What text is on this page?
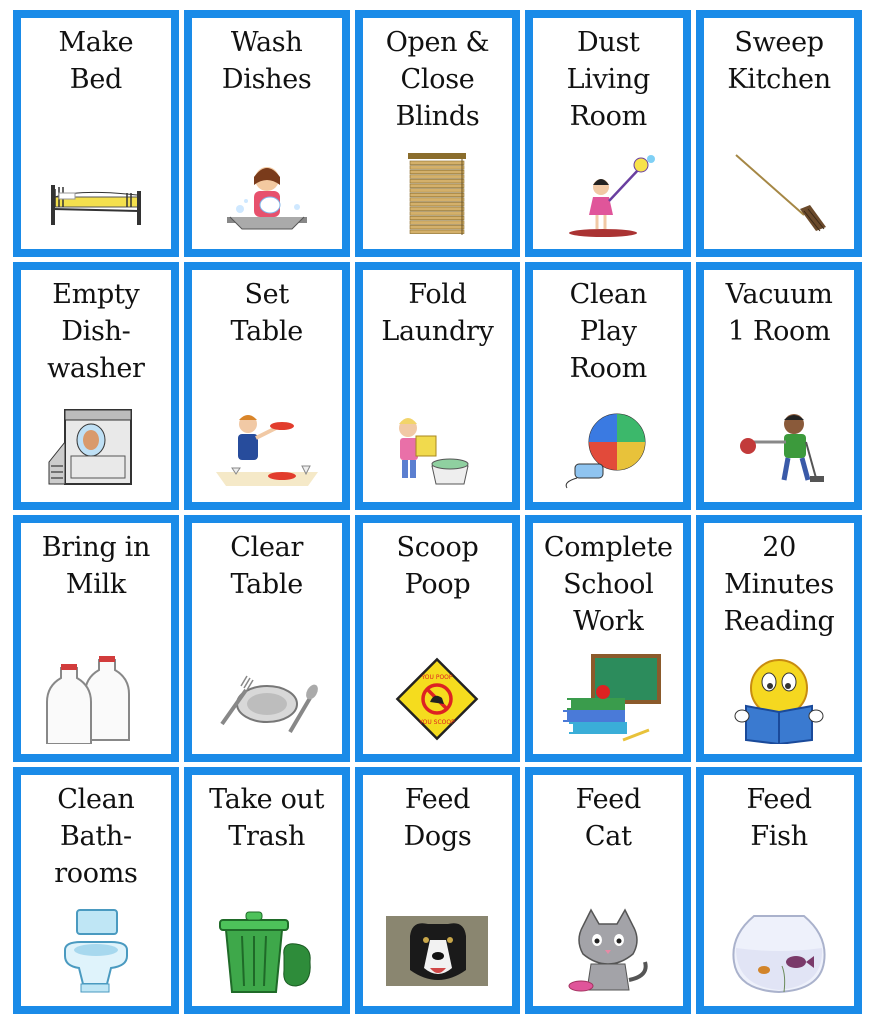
Make
Bed
Wash
Dishes
Open &
Close
Blinds
Dust
Living
Room
Sweep
Kitchen
Empty
Dish-
washer
Set
Table
Fold
Laundry
Clean
Play
Room
Vacuum
1 Room
Bring in
Milk
Clear
Table
Scoop
Poop
YOU POOP
YOU SCOOP
Complete
School
Work
20
Minutes
Reading
Clean
Bath-
rooms
Take out
Trash
Feed
Dogs
Feed
Cat
Feed
Fish
